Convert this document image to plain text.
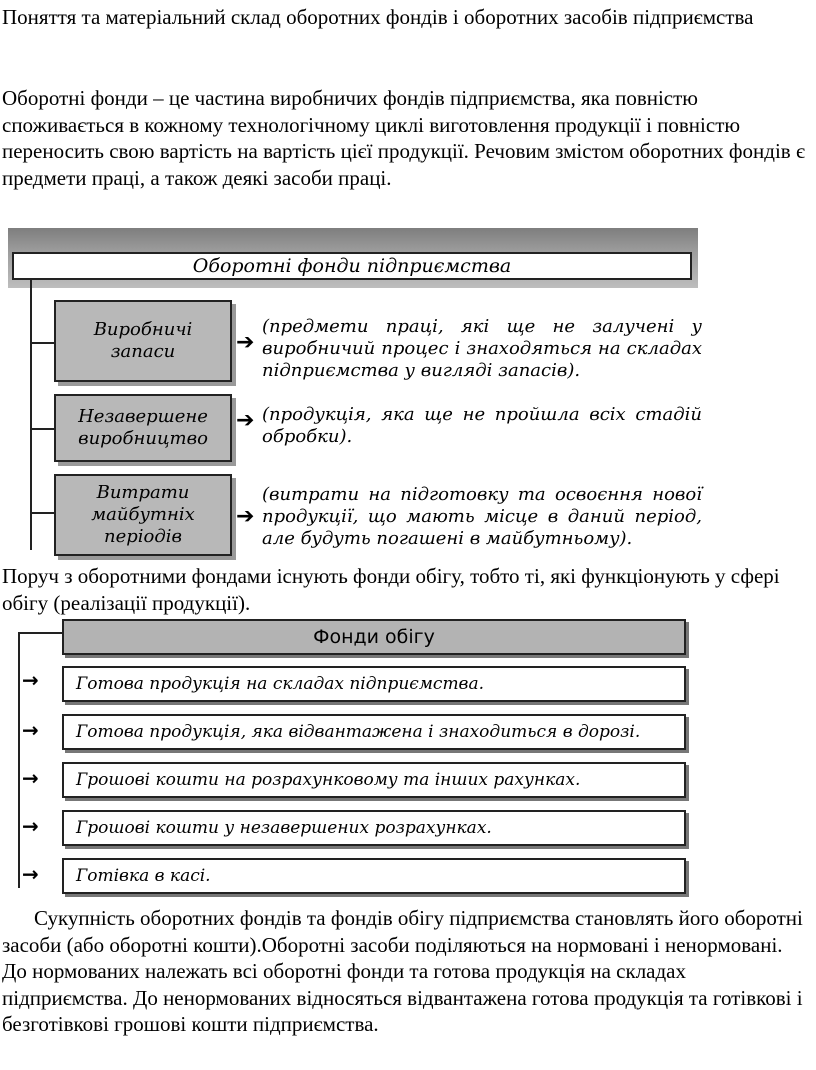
Поняття та матеріальний склад оборотних фондів і оборотних засобів підприємства

Оборотні фонди – це частина виробничих фондів підприємства, яка повністю споживається в кожному технологічному циклі виготовлення продукції і повністю переносить свою вартість на вартість цієї продукції. Речовим змістом оборотних фондів є предмети праці, а також деякі засоби праці.

Оборотні фонди підприємства
Виробничі запаси	➔
(предмети праці, які ще не залучені у виробничий процес і знаходяться на складах підприємства у вигляді запасів).
Незавершене виробництво
➔ (продукція, яка ще не пройшла всіх стадій обробки).
Витрати майбутніх періодів
➔
(витрати на підготовку та освоєння нової продукції, що мають місце в даний період, але будуть погашені в майбутньому).

Поруч з оборотними фондами існують фонди обігу, тобто ті, які функціонують у сфері обігу (реалізації продукції).

Фонди обігу
→	Готова продукція на складах підприємства.
→	Готова продукція, яка відвантажена і знаходиться в дорозі.
→	Грошові кошти на розрахунковому та інших рахунках.
→	Грошові кошти у незавершених розрахунках.
→	Готівка в касі.

Сукупність оборотних фондів та фондів обігу підприємства становлять його оборотні засоби (або оборотні кошти).Оборотні засоби поділяються на нормовані і ненормовані. До нормованих належать всі оборотні фонди та готова продукція на складах підприємства. До ненормованих відносяться відвантажена готова продукція та готівкові і безготівкові грошові кошти підприємства.
